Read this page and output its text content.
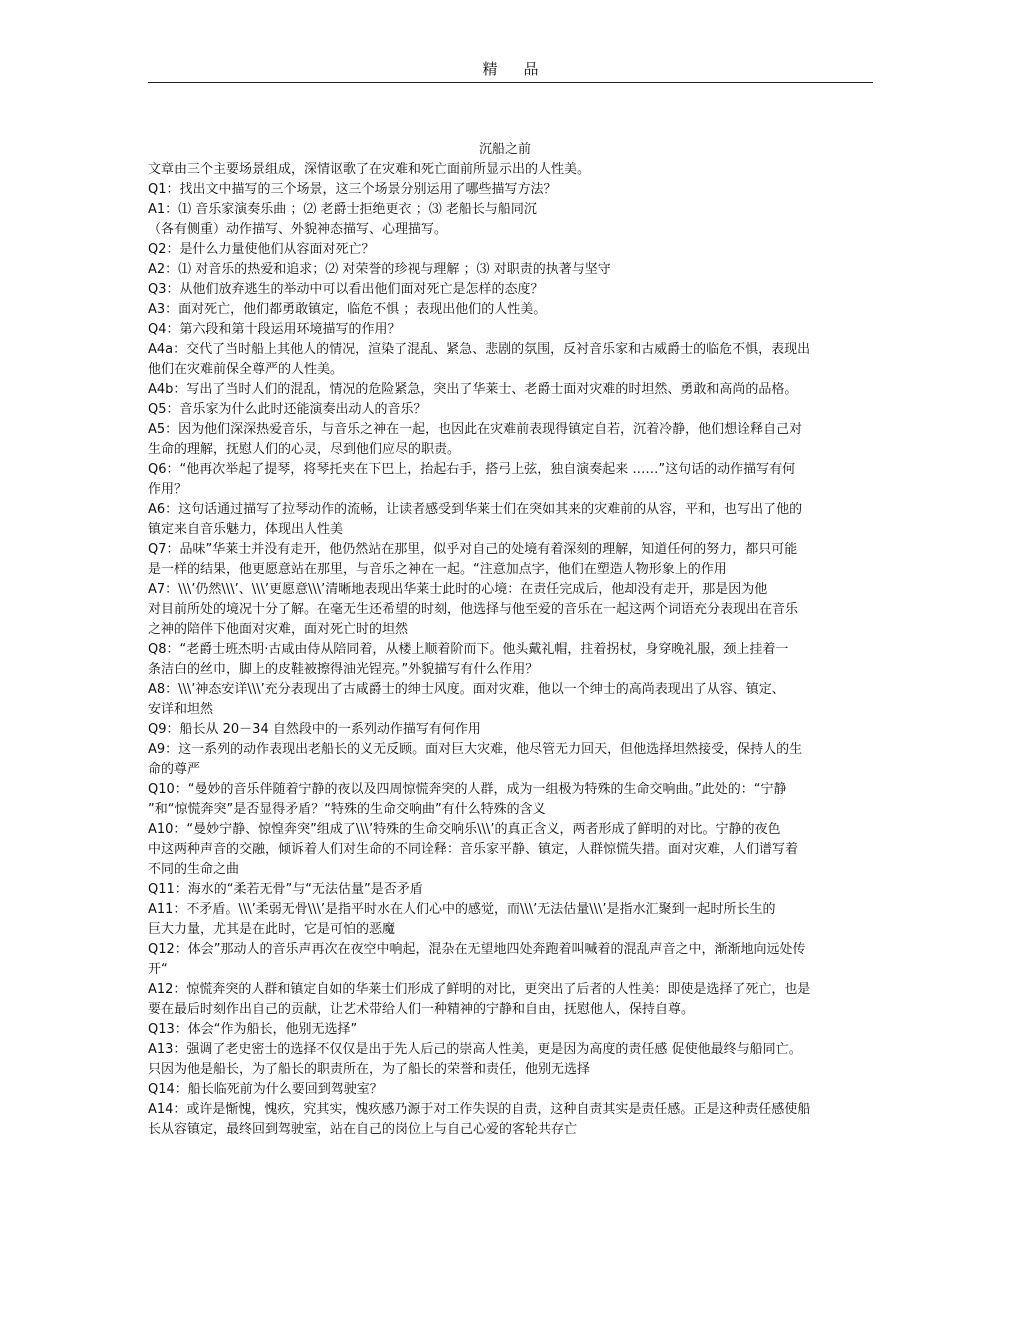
精品

沉船之前

文章由三个主要场景组成，深情讴歌了在灾难和死亡面前所显示出的人性美。

Q1：找出文中描写的三个场景，这三个场景分别运用了哪些描写方法？

A1：⑴ 音乐家演奏乐曲 ；⑵ 老爵士拒绝更衣 ；⑶ 老船长与船同沉

（各有侧重）动作描写、外貌神态描写、心理描写。

Q2：是什么力量使他们从容面对死亡？

A2：⑴ 对音乐的热爱和追求；⑵ 对荣誉的珍视与理解 ；⑶ 对职责的执著与坚守

Q3：从他们放弃逃生的举动中可以看出他们面对死亡是怎样的态度？

A3：面对死亡，他们都勇敢镇定，临危不惧 ；表现出他们的人性美。

Q4：第六段和第十段运用环境描写的作用？

A4a：交代了当时船上其他人的情况，渲染了混乱、紧急、悲剧的氛围，反衬音乐家和古威爵士的临危不惧，表现出

他们在灾难前保全尊严的人性美。

A4b：写出了当时人们的混乱，情况的危险紧急，突出了华莱士、老爵士面对灾难的时坦然、勇敢和高尚的品格。

Q5：音乐家为什么此时还能演奏出动人的音乐？

A5：因为他们深深热爱音乐，与音乐之神在一起，也因此在灾难前表现得镇定自若，沉着冷静，他们想诠释自己对

生命的理解，抚慰人们的心灵，尽到他们应尽的职责。

Q6：“他再次举起了提琴，将琴托夹在下巴上，抬起右手，搭弓上弦，独自演奏起来 ……”这句话的动作描写有何

作用？

A6：这句话通过描写了拉琴动作的流畅，让读者感受到华莱士们在突如其来的灾难前的从容，平和，也写出了他的

镇定来自音乐魅力，体现出人性美

Q7：品味”华莱士并没有走开，他仍然站在那里，似乎对自己的处境有着深刻的理解，知道任何的努力，都只可能

是一样的结果，他更愿意站在那里，与音乐之神在一起。“注意加点字，他们在塑造人物形象上的作用

A7：\\\’仍然\\\’、\\\’更愿意\\\’清晰地表现出华莱士此时的心境：在责任完成后，他却没有走开，那是因为他

对目前所处的境况十分了解。在毫无生还希望的时刻，他选择与他至爱的音乐在一起这两个词语充分表现出在音乐

之神的陪伴下他面对灾难，面对死亡时的坦然

Q8：“老爵士班杰明·古咸由侍从陪同着，从楼上顺着阶而下。他头戴礼帽，拄着拐杖，身穿晚礼服，颈上挂着一

条洁白的丝巾，脚上的皮鞋被擦得油光锃亮。”外貌描写有什么作用？

A8：\\\’神态安详\\\’充分表现出了古咸爵士的绅士风度。面对灾难，他以一个绅士的高尚表现出了从容、镇定、

安详和坦然

Q9：船长从 20－34 自然段中的一系列动作描写有何作用

A9：这一系列的动作表现出老船长的义无反顾。面对巨大灾难，他尽管无力回天，但他选择坦然接受，保持人的生

命的尊严

Q10：“曼妙的音乐伴随着宁静的夜以及四周惊慌奔突的人群，成为一组极为特殊的生命交响曲。”此处的：“宁静

”和“惊慌奔突”是否显得矛盾？“特殊的生命交响曲”有什么特殊的含义

A10：“曼妙宁静、惊惶奔突”组成了\\\’特殊的生命交响乐\\\’的真正含义，两者形成了鲜明的对比。宁静的夜色

中这两种声音的交融，倾诉着人们对生命的不同诠释：音乐家平静、镇定，人群惊慌失措。面对灾难，人们谱写着

不同的生命之曲

Q11：海水的“柔若无骨”与“无法估量”是否矛盾

A11：不矛盾。\\\’柔弱无骨\\\’是指平时水在人们心中的感觉，而\\\’无法估量\\\’是指水汇聚到一起时所长生的

巨大力量，尤其是在此时，它是可怕的恶魔

Q12：体会”那动人的音乐声再次在夜空中响起，混杂在无望地四处奔跑着叫喊着的混乱声音之中，渐渐地向远处传

开“

A12：惊慌奔突的人群和镇定自如的华莱士们形成了鲜明的对比，更突出了后者的人性美：即使是选择了死亡，也是

要在最后时刻作出自己的贡献，让艺术带给人们一种精神的宁静和自由，抚慰他人，保持自尊。

Q13：体会“作为船长，他别无选择”

A13：强调了老史密士的选择不仅仅是出于先人后己的崇高人性美，更是因为高度的责任感 促使他最终与船同亡。

只因为他是船长，为了船长的职责所在，为了船长的荣誉和责任，他别无选择

Q14：船长临死前为什么要回到驾驶室？

A14：或许是惭愧，愧疚，究其实，愧疚感乃源于对工作失误的自责，这种自责其实是责任感。正是这种责任感使船

长从容镇定，最终回到驾驶室，站在自己的岗位上与自己心爱的客轮共存亡
